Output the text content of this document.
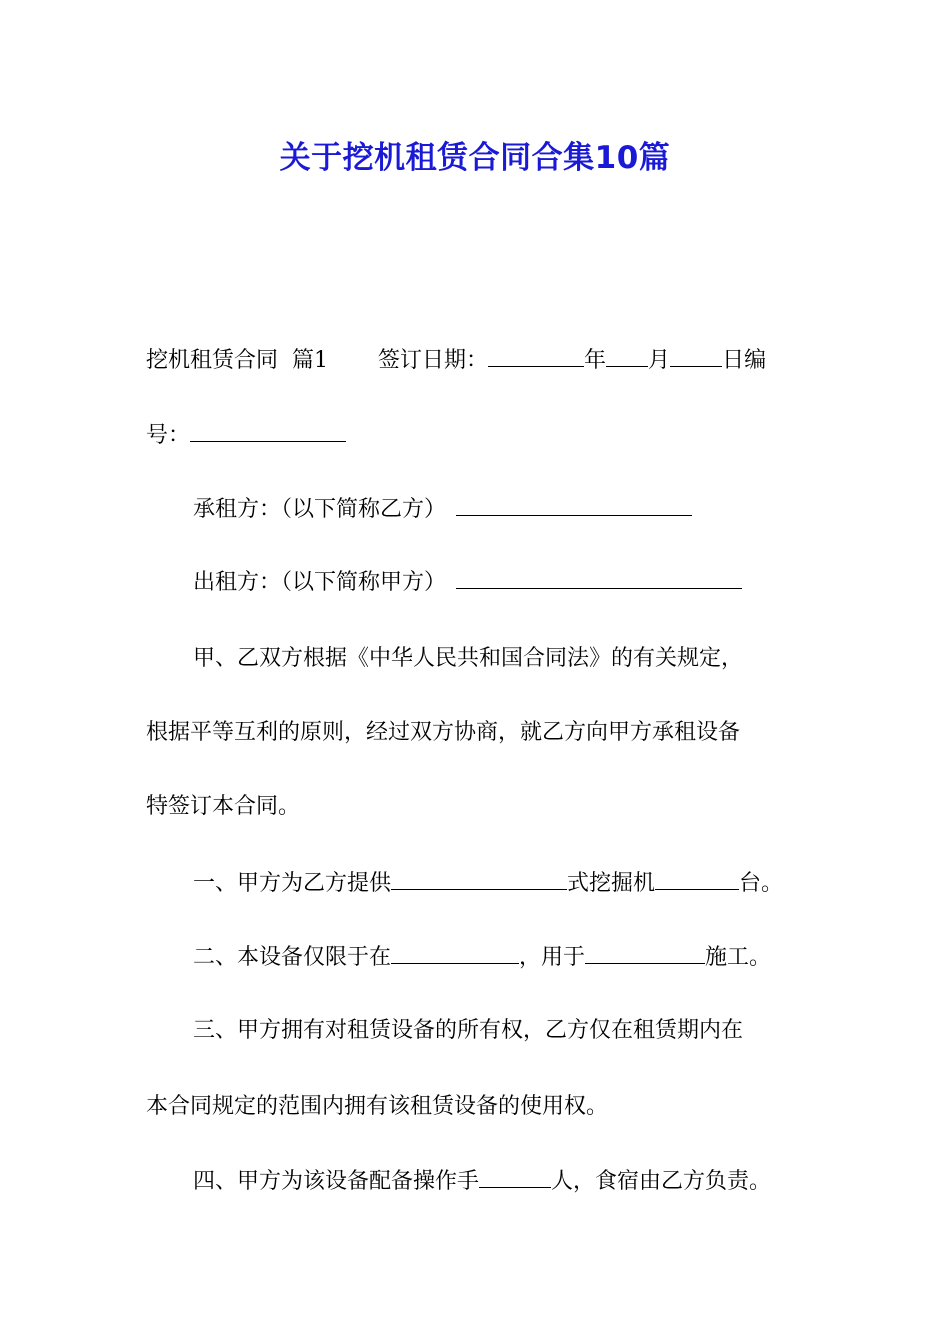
关于挖机租赁合同合集10篇
挖机租赁合同 篇1 签订日期：	年 月 日编
号：
承租方：（以下简称乙方）
出租方：（以下简称甲方）
甲、乙双方根据《中华人民共和国合同法》的有关规定，
根据平等互利的原则，经过双方协商，就乙方向甲方承租设备
特签订本合同。
一、甲方为乙方提供	式挖掘机	台。
二、本设备仅限于在	，用于	施工。
三、甲方拥有对租赁设备的所有权，乙方仅在租赁期内在
本合同规定的范围内拥有该租赁设备的使用权。
四、甲方为该设备配备操作手	人，食宿由乙方负责。
